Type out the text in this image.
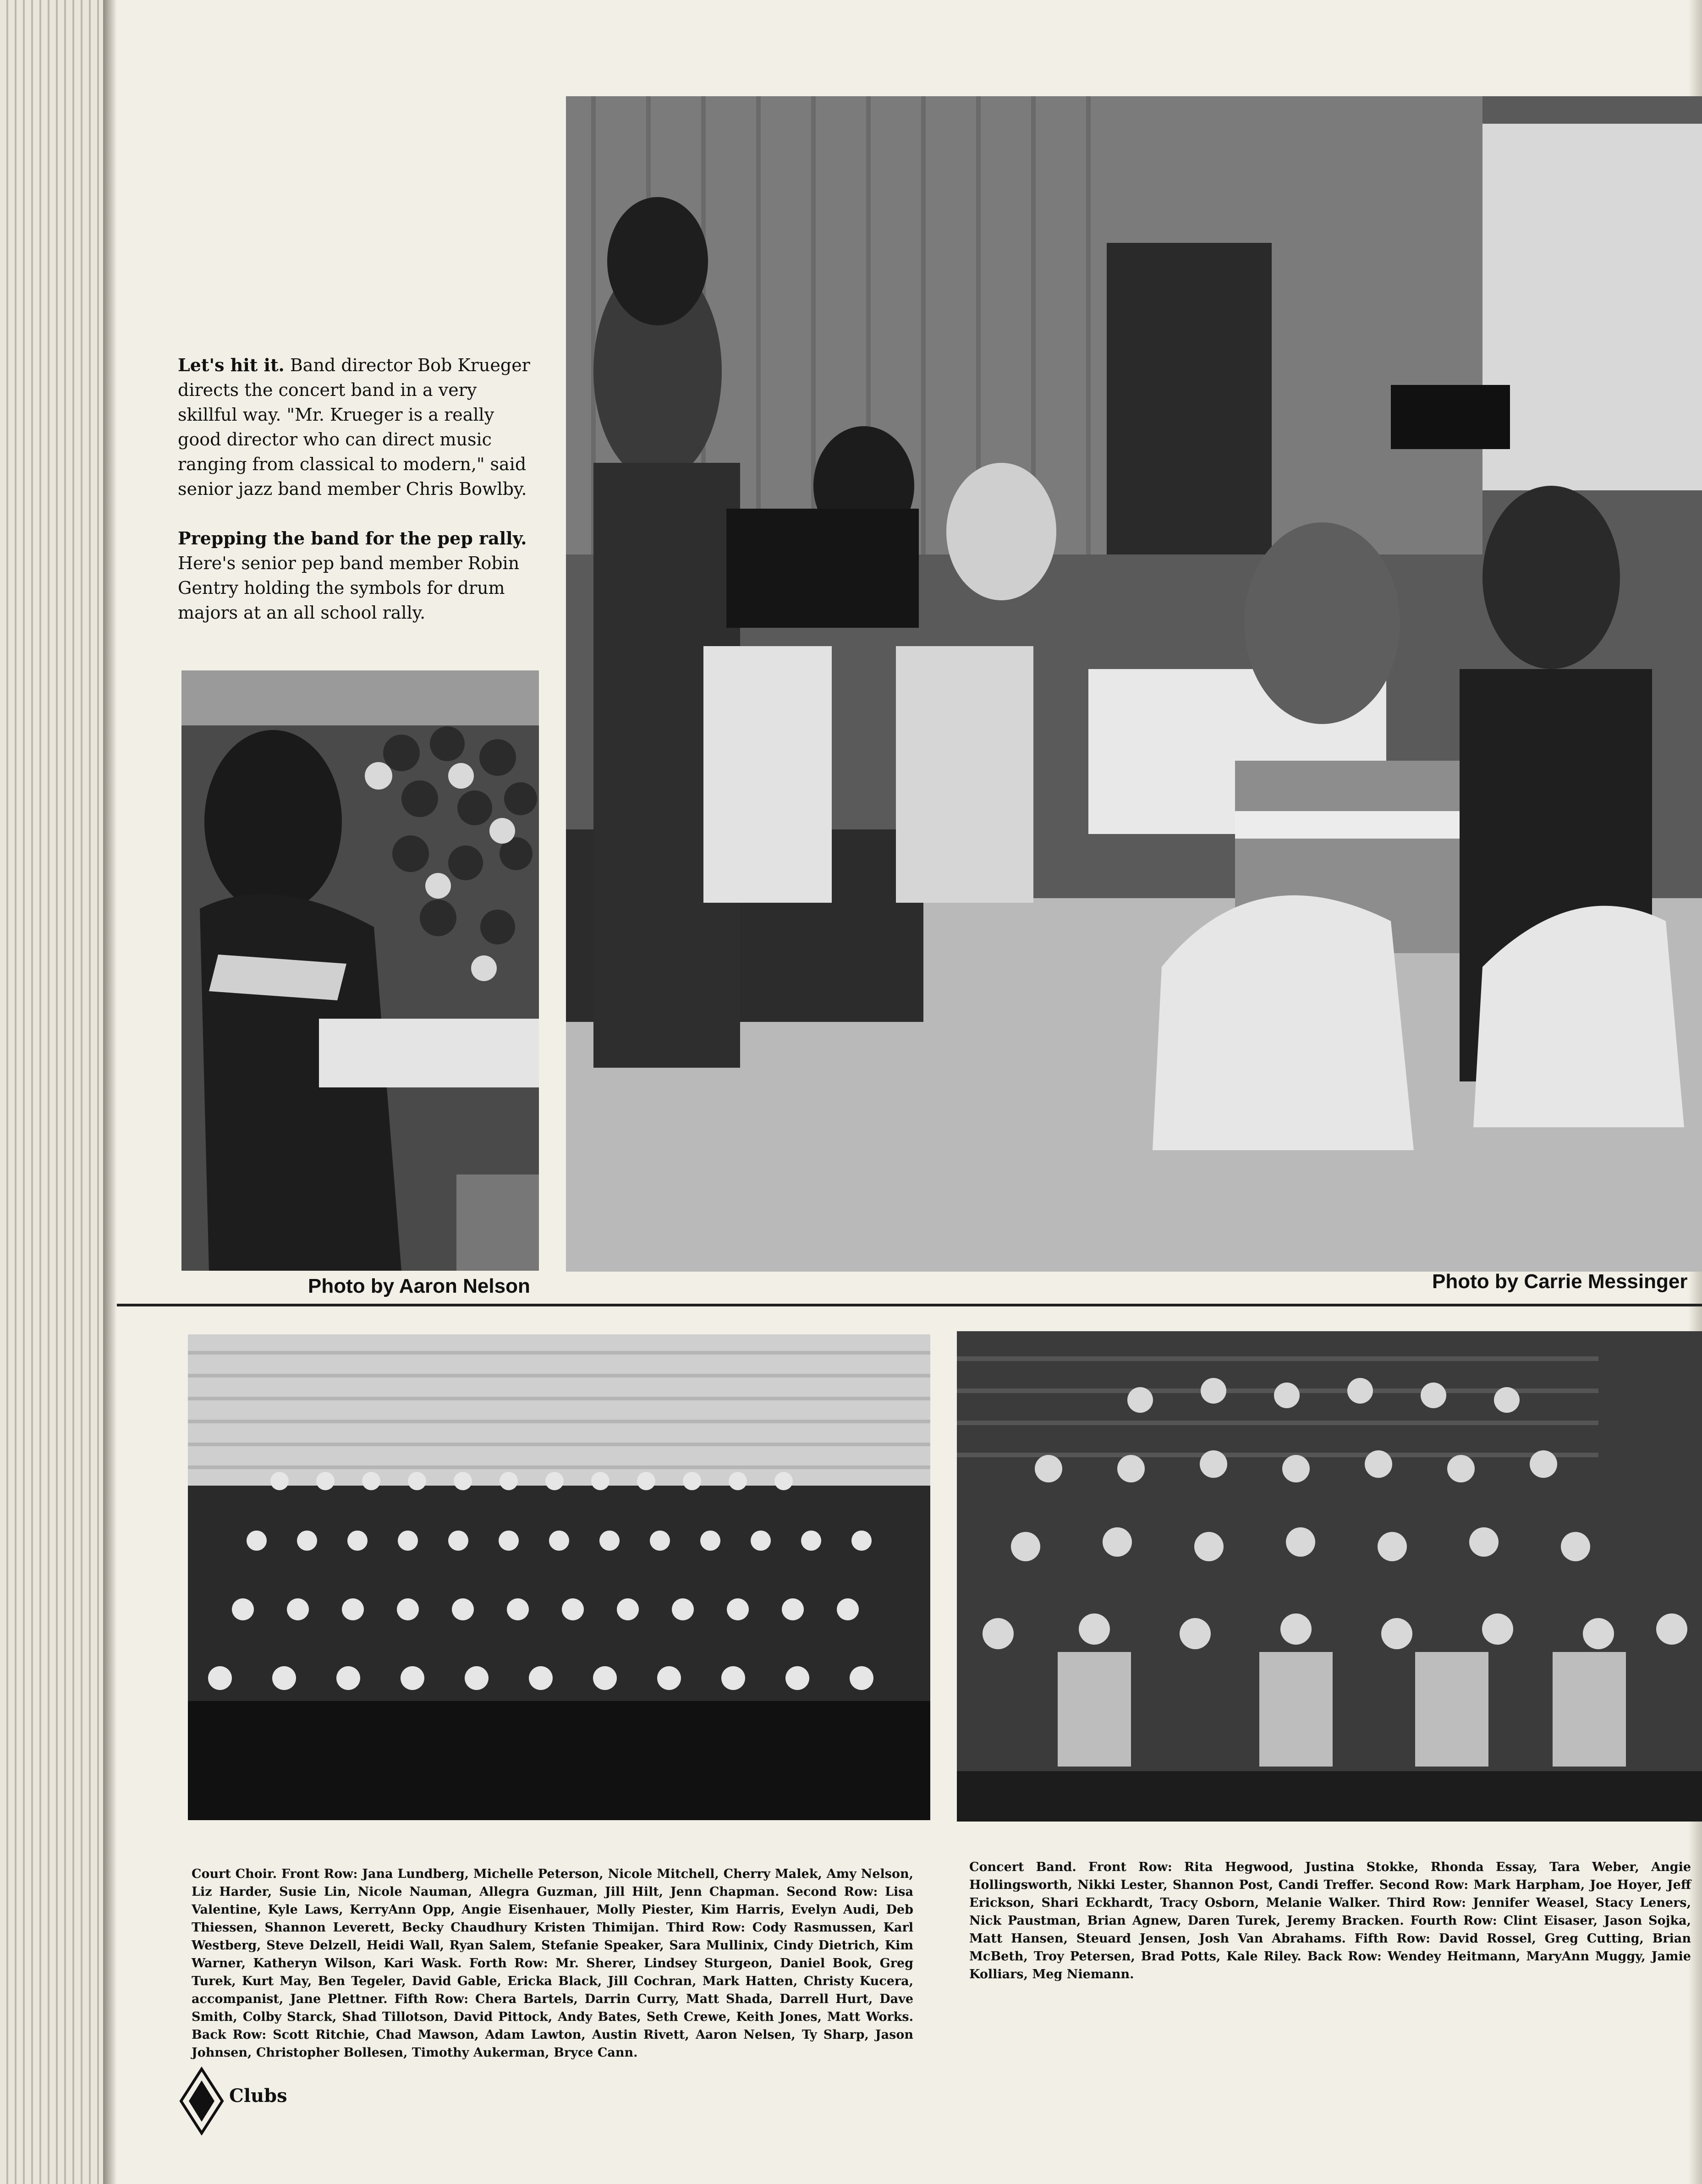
Let's hit it. Band director Bob Krueger directs the concert band in a very skillful way. "Mr. Krueger is a really good director who can direct music ranging from classical to modern," said senior jazz band member Chris Bowlby.

Prepping the band for the pep rally. Here's senior pep band member Robin Gentry holding the symbols for drum majors at an all school rally.

Photo by Aaron Nelson	Photo by Carrie Messinger
Court Choir. Front Row: Jana Lundberg, Michelle Peterson, Nicole Mitchell, Cherry Malek, Amy Nelson, Liz Harder, Susie Lin, Nicole Nauman, Allegra Guzman, Jill Hilt, Jenn Chapman. Second Row: Lisa Valentine, Kyle Laws, KerryAnn Opp, Angie Eisenhauer, Molly Piester, Kim Harris, Evelyn Audi, Deb Thiessen, Shannon Leverett, Becky Chaudhury Kristen Thimijan. Third Row: Cody Rasmussen, Karl Westberg, Steve Delzell, Heidi Wall, Ryan Salem, Stefanie Speaker, Sara Mullinix, Cindy Dietrich, Kim Warner, Katheryn Wilson, Kari Wask. Forth Row: Mr. Sherer, Lindsey Sturgeon, Daniel Book, Greg Turek, Kurt May, Ben Tegeler, David Gable, Ericka Black, Jill Cochran, Mark Hatten, Christy Kucera, accompanist, Jane Plettner. Fifth Row: Chera Bartels, Darrin Curry, Matt Shada, Darrell Hurt, Dave Smith, Colby Starck, Shad Tillotson, David Pittock, Andy Bates, Seth Crewe, Keith Jones, Matt Works. Back Row: Scott Ritchie, Chad Mawson, Adam Lawton, Austin Rivett, Aaron Nelsen, Ty Sharp, Jason Johnsen, Christopher Bollesen, Timothy Aukerman, Bryce Cann.
Concert Band. Front Row: Rita Hegwood, Justina Stokke, Rhonda Essay, Tara Weber, Angie Hollingsworth, Nikki Lester, Shannon Post, Candi Treffer. Second Row: Mark Harpham, Joe Hoyer, Jeff Erickson, Shari Eckhardt, Tracy Osborn, Melanie Walker. Third Row: Jennifer Weasel, Stacy Leners, Nick Paustman, Brian Agnew, Daren Turek, Jeremy Bracken. Fourth Row: Clint Eisaser, Jason Sojka, Matt Hansen, Steuard Jensen, Josh Van Abrahams. Fifth Row: David Rossel, Greg Cutting, Brian McBeth, Troy Petersen, Brad Potts, Kale Riley. Back Row: Wendey Heitmann, MaryAnn Muggy, Jamie Kolliars, Meg Niemann.
Clubs
